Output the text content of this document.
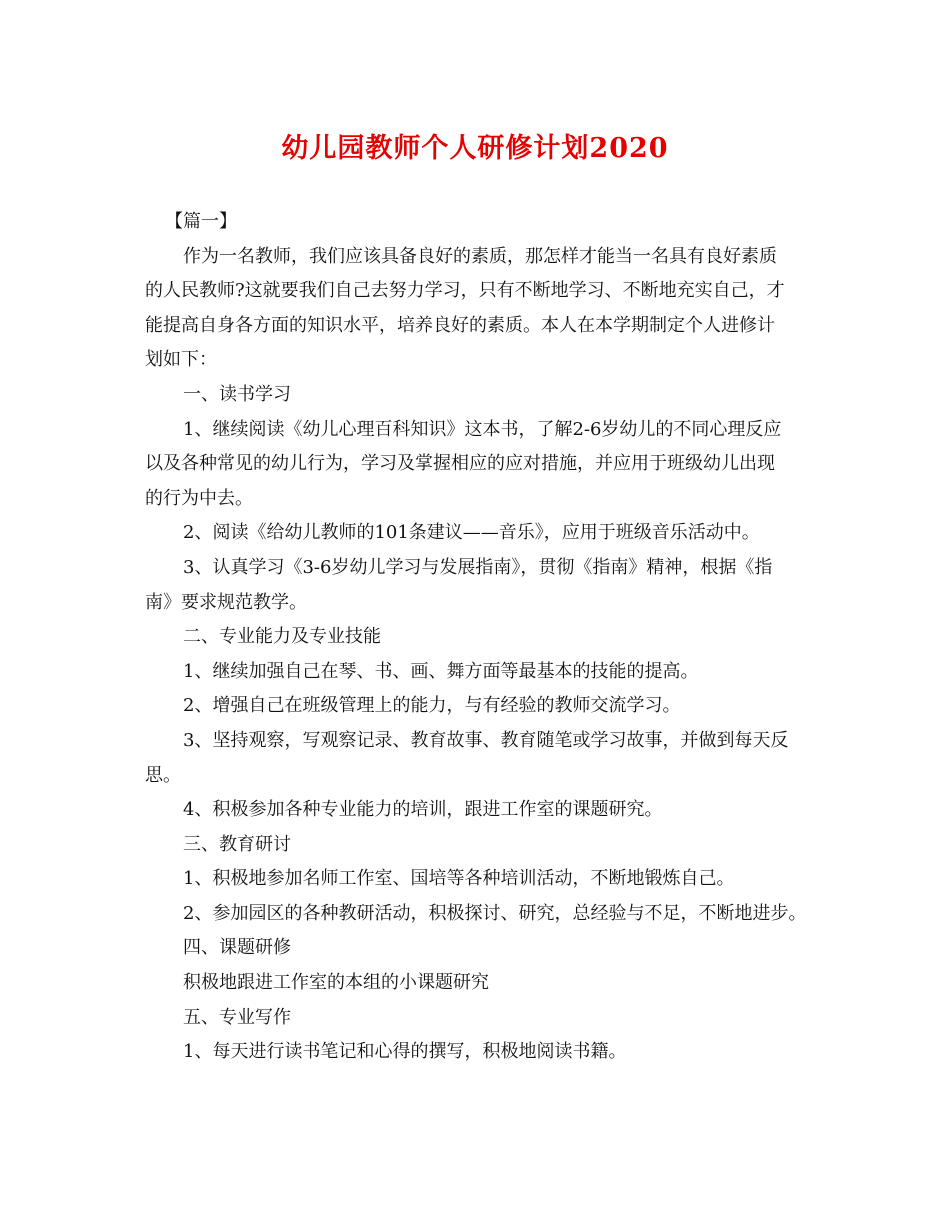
幼儿园教师个人研修计划2020

【篇一】

作为一名教师，我们应该具备良好的素质，那怎样才能当一名具有良好素质

的人民教师?这就要我们自己去努力学习，只有不断地学习、不断地充实自己，才

能提高自身各方面的知识水平，培养良好的素质。本人在本学期制定个人进修计

划如下：

一、读书学习

1、继续阅读《幼儿心理百科知识》这本书，了解2-6岁幼儿的不同心理反应

以及各种常见的幼儿行为，学习及掌握相应的应对措施，并应用于班级幼儿出现

的行为中去。

2、阅读《给幼儿教师的101条建议——音乐》，应用于班级音乐活动中。

3、认真学习《3-6岁幼儿学习与发展指南》，贯彻《指南》精神，根据《指

南》要求规范教学。

二、专业能力及专业技能

1、继续加强自己在琴、书、画、舞方面等最基本的技能的提高。

2、增强自己在班级管理上的能力，与有经验的教师交流学习。

3、坚持观察，写观察记录、教育故事、教育随笔或学习故事，并做到每天反

思。

4、积极参加各种专业能力的培训，跟进工作室的课题研究。

三、教育研讨

1、积极地参加名师工作室、国培等各种培训活动，不断地锻炼自己。

2、参加园区的各种教研活动，积极探讨、研究，总经验与不足，不断地进步。

四、课题研修

积极地跟进工作室的本组的小课题研究

五、专业写作

1、每天进行读书笔记和心得的撰写，积极地阅读书籍。
